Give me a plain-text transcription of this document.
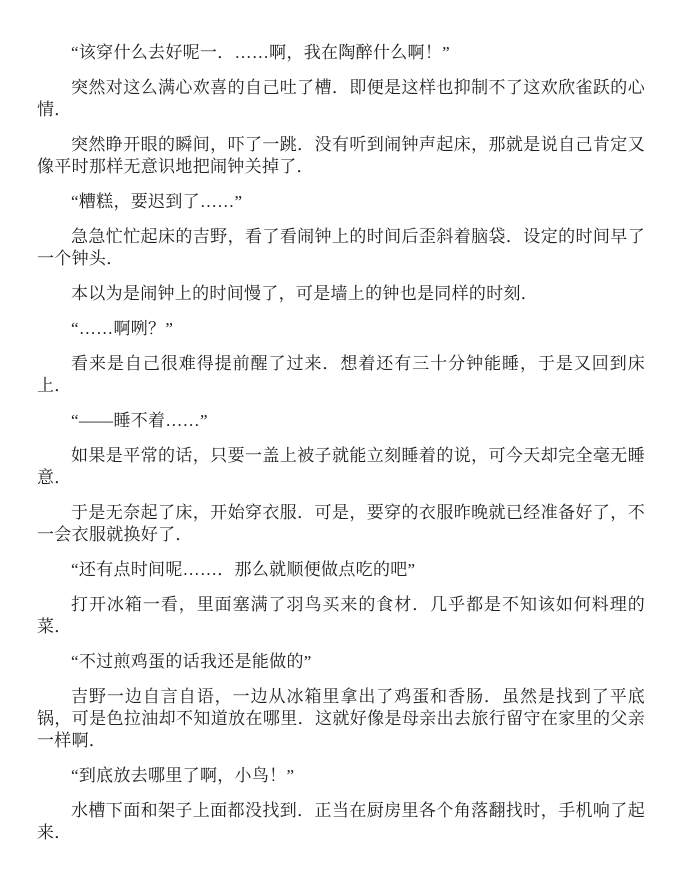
“该穿什么去好呢一．……啊，我在陶醉什么啊！”

突然对这么满心欢喜的自己吐了槽．即便是这样也抑制不了这欢欣雀跃的心情．

突然睁开眼的瞬间，吓了一跳．没有听到闹钟声起床，那就是说自己肯定又像平时那样无意识地把闹钟关掉了．

“糟糕，要迟到了……”

急急忙忙起床的吉野，看了看闹钟上的时间后歪斜着脑袋．设定的时间早了一个钟头．

本以为是闹钟上的时间慢了，可是墙上的钟也是同样的时刻．

“……啊咧？”

看来是自己很难得提前醒了过来．想着还有三十分钟能睡，于是又回到床上．

“——睡不着……”

如果是平常的话，只要一盖上被子就能立刻睡着的说，可今天却完全毫无睡意．

于是无奈起了床，开始穿衣服．可是，要穿的衣服昨晚就已经准备好了，不一会衣服就换好了．

“还有点时间呢……．那么就顺便做点吃的吧”

打开冰箱一看，里面塞满了羽鸟买来的食材．几乎都是不知该如何料理的菜．

“不过煎鸡蛋的话我还是能做的”

吉野一边自言自语，一边从冰箱里拿出了鸡蛋和香肠．虽然是找到了平底锅，可是色拉油却不知道放在哪里．这就好像是母亲出去旅行留守在家里的父亲一样啊．

“到底放去哪里了啊，小鸟！”

水槽下面和架子上面都没找到．正当在厨房里各个角落翻找时，手机响了起来．
